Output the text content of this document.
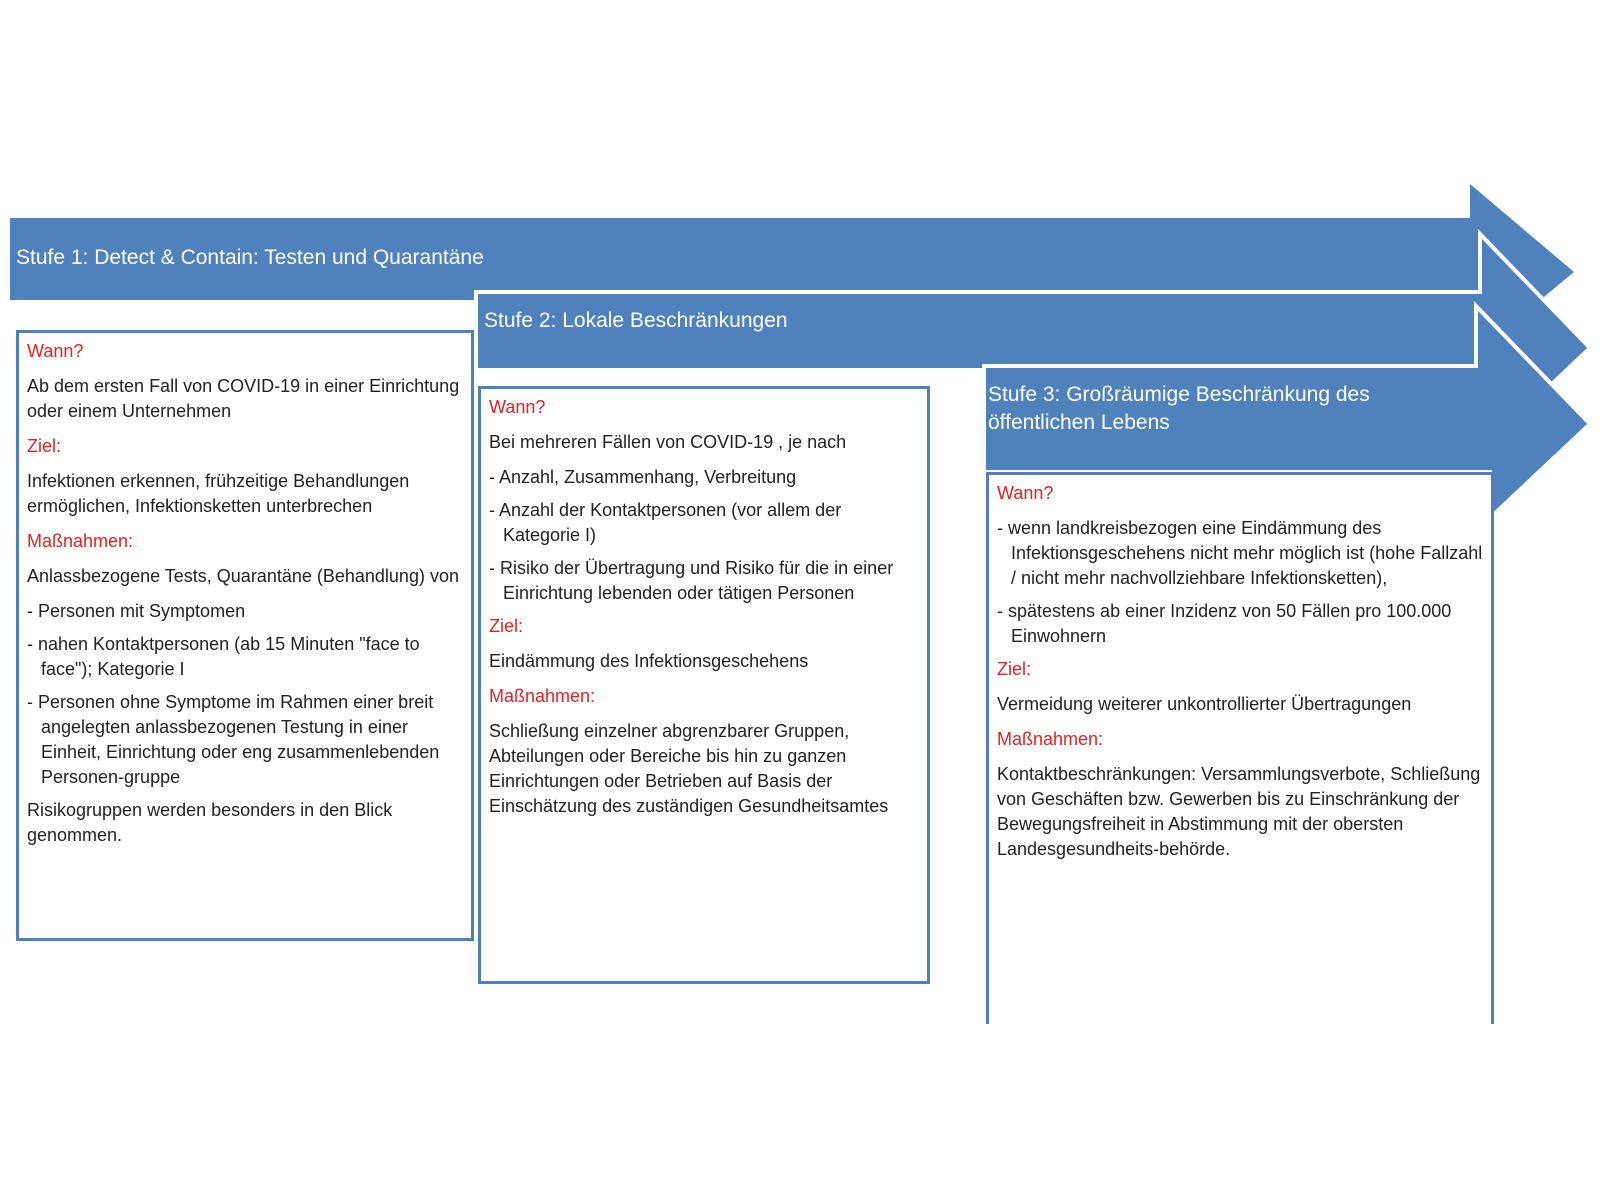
Stufe 1: Detect & Contain: Testen und Quarantäne
Stufe 2: Lokale Beschränkungen
Stufe 3: Großräumige Beschränkung des öffentlichen Lebens
Wann?
Ab dem ersten Fall von COVID-19 in einer Einrichtung oder einem Unternehmen
Ziel:
Infektionen erkennen, frühzeitige Behandlungen ermöglichen, Infektionsketten unterbrechen
Maßnahmen:
Anlassbezogene Tests, Quarantäne (Behandlung) von
- Personen mit Symptomen
- nahen Kontaktpersonen (ab 15 Minuten "face to face"); Kategorie I
- Personen ohne Symptome im Rahmen einer breit angelegten anlassbezogenen Testung in einer Einheit, Einrichtung oder eng zusammenlebenden Personen-gruppe
Risikogruppen werden besonders in den Blick genommen.
Wann?
Bei mehreren Fällen von COVID-19 , je nach
- Anzahl, Zusammenhang, Verbreitung
- Anzahl der Kontaktpersonen (vor allem der Kategorie I)
- Risiko der Übertragung und Risiko für die in einer Einrichtung lebenden oder tätigen Personen
Ziel:
Eindämmung des Infektionsgeschehens
Maßnahmen:
Schließung einzelner abgrenzbarer Gruppen, Abteilungen oder Bereiche bis hin zu ganzen Einrichtungen oder Betrieben auf Basis der Einschätzung des zuständigen Gesundheitsamtes
Wann?
- wenn landkreisbezogen eine Eindämmung des Infektionsgeschehens nicht mehr möglich ist (hohe Fallzahl / nicht mehr nachvollziehbare Infektionsketten),
- spätestens ab einer Inzidenz von 50 Fällen pro 100.000 Einwohnern
Ziel:
Vermeidung weiterer unkontrollierter Übertragungen
Maßnahmen:
Kontaktbeschränkungen: Versammlungsverbote, Schließung von Geschäften bzw. Gewerben bis zu Einschränkung der Bewegungsfreiheit in Abstimmung mit der obersten Landesgesundheits-behörde.
